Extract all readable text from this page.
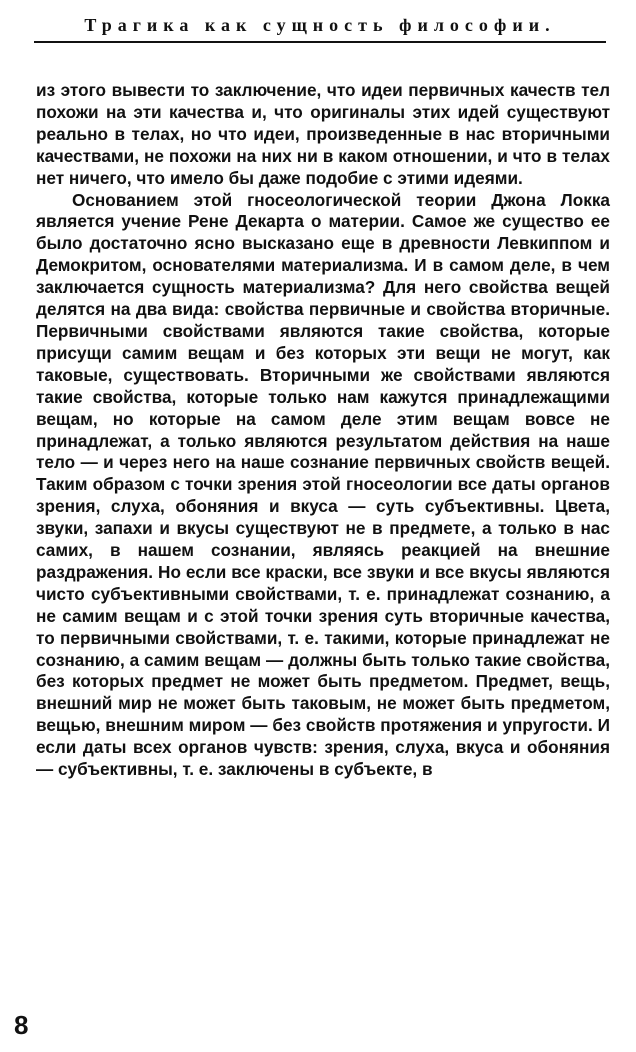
Трагика как сущность философии.

из этого вывести то заключение, что идеи первичных качеств тел похожи на эти качества и, что оригиналы этих идей существуют реально в телах, но что идеи, произведенные в нас вторичными качествами, не похожи на них ни в каком отношении, и что в телах нет ничего, что имело бы даже подобие с этими идеями.

Основанием этой гносеологической теории Джона Локка является учение Рене Декарта о материи. Самое же существо ее было достаточно ясно высказано еще в древности Левкиппом и Демокритом, основателями материализма. И в самом деле, в чем заключается сущность материализма? Для него свойства вещей делятся на два вида: свойства первичные и свойства вторичные. Первичными свойствами являются такие свойства, которые присущи самим вещам и без которых эти вещи не могут, как таковые, существовать. Вторичными же свойствами являются такие свойства, которые только нам кажутся принадлежащими вещам, но которые на самом деле этим вещам вовсе не принадлежат, а только являются результатом действия на наше тело — и через него на наше сознание первичных свойств вещей. Таким образом с точки зрения этой гносеологии все даты органов зрения, слуха, обоняния и вкуса — суть субъективны. Цвета, звуки, запахи и вкусы существуют не в предмете, а только в нас самих, в нашем сознании, являясь реакцией на внешние раздражения. Но если все краски, все звуки и все вкусы являются чисто субъективными свойствами, т. е. принадлежат сознанию, а не самим вещам и с этой точки зрения суть вторичные качества, то первичными свойствами, т. е. такими, которые принадлежат не сознанию, а самим вещам — должны быть только такие свойства, без которых предмет не может быть предметом. Предмет, вещь, внешний мир не может быть таковым, не может быть предметом, вещью, внешним миром — без свойств протяжения и упругости. И если даты всех органов чувств: зрения, слуха, вкуса и обоняния — субъективны, т. е. заключены в субъекте, в

8
